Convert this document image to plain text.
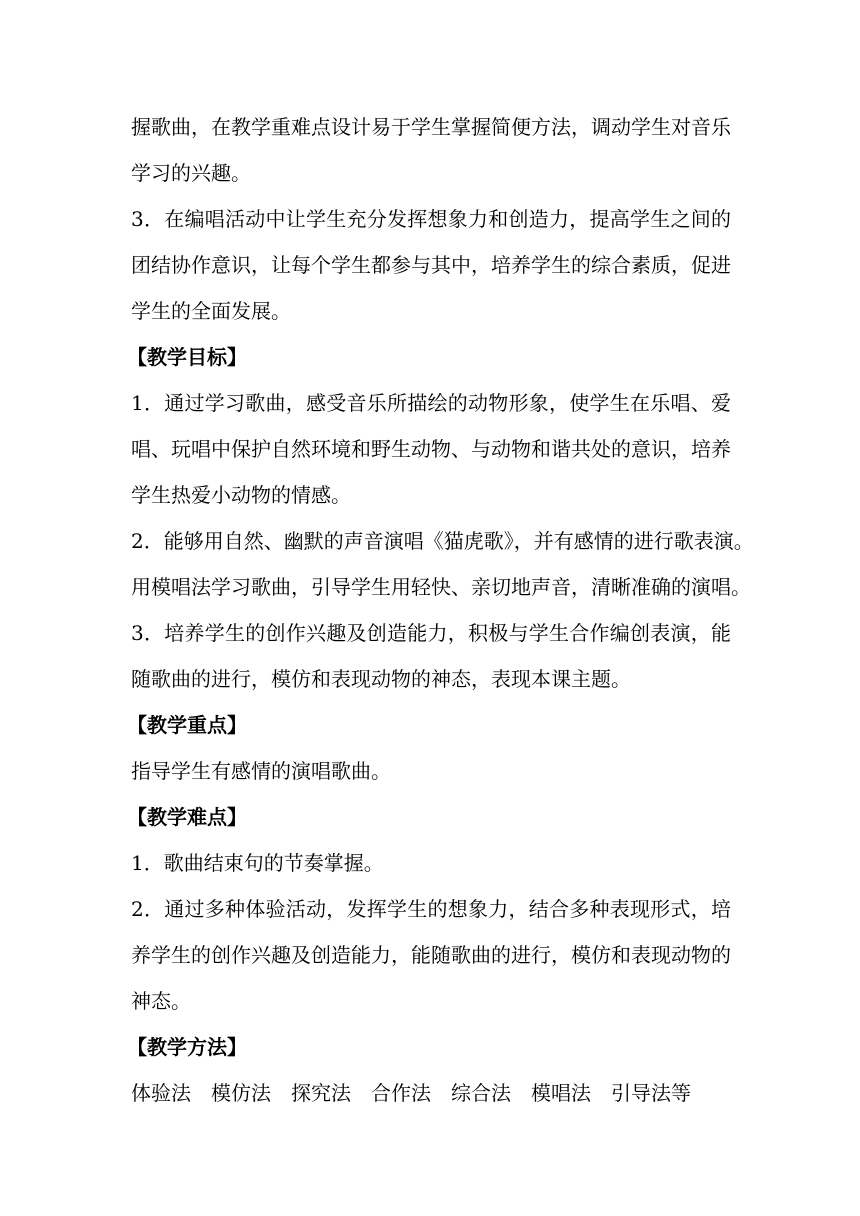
握歌曲，在教学重难点设计易于学生掌握简便方法，调动学生对音乐

学习的兴趣。

3．在编唱活动中让学生充分发挥想象力和创造力，提高学生之间的

团结协作意识，让每个学生都参与其中，培养学生的综合素质，促进

学生的全面发展。

【教学目标】

1．通过学习歌曲，感受音乐所描绘的动物形象，使学生在乐唱、爱

唱、玩唱中保护自然环境和野生动物、与动物和谐共处的意识，培养

学生热爱小动物的情感。

2．能够用自然、幽默的声音演唱《猫虎歌》，并有感情的进行歌表演。

用模唱法学习歌曲，引导学生用轻快、亲切地声音，清晰准确的演唱。

3．培养学生的创作兴趣及创造能力，积极与学生合作编创表演，能

随歌曲的进行，模仿和表现动物的神态，表现本课主题。

【教学重点】

指导学生有感情的演唱歌曲。

【教学难点】

1．歌曲结束句的节奏掌握。

2．通过多种体验活动，发挥学生的想象力，结合多种表现形式，培

养学生的创作兴趣及创造能力，能随歌曲的进行，模仿和表现动物的

神态。

【教学方法】

体验法 模仿法 探究法 合作法 综合法 模唱法 引导法等
